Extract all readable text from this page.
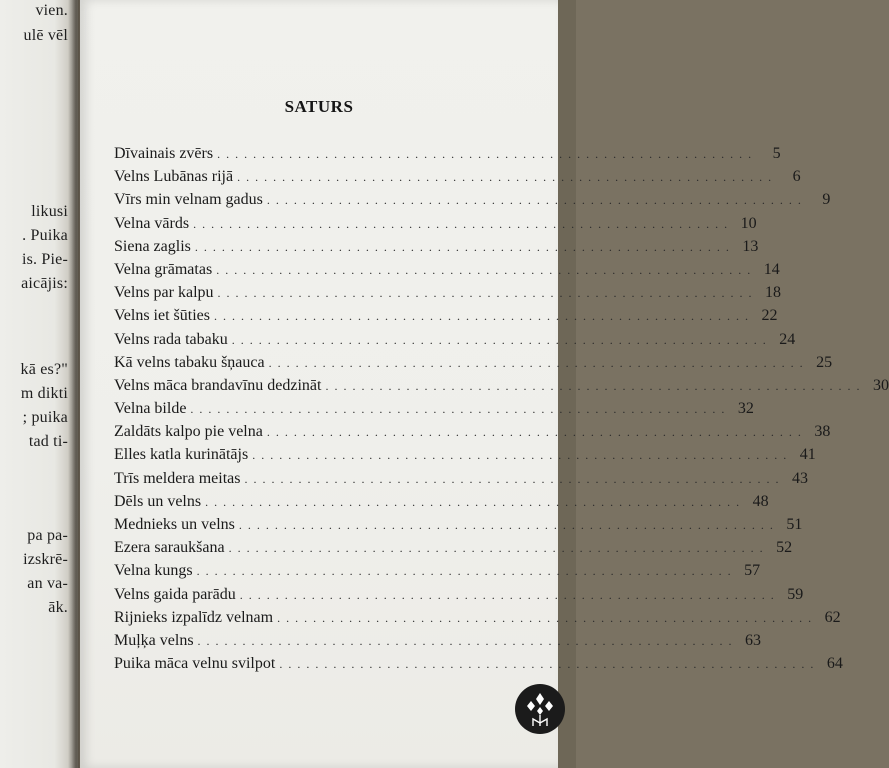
vien.
ulē vēl
likusi
. Puika
is. Pie-
aicājis:
kā es?"
m dikti
; puika
tad ti-
pa pa-
izskrē-
an va-
āk.
SATURS
Dīvainais zvērs . . . . . . . . . . . . . . . . . . . . . . . . . . . . . . . . . . . . . . . . . . . . . . . . . . . . . . . . . . . .	5
Velns Lubānas rijā . . . . . . . . . . . . . . . . . . . . . . . . . . . . . . . . . . . . . . . . . . . . . . . . . . . . . . . . . . . .	6
Vīrs min velnam gadus . . . . . . . . . . . . . . . . . . . . . . . . . . . . . . . . . . . . . . . . . . . . . . . . . . . . . . . . . . . .	9
Velna vārds . . . . . . . . . . . . . . . . . . . . . . . . . . . . . . . . . . . . . . . . . . . . . . . . . . . . . . . . . . . . 10
Siena zaglis . . . . . . . . . . . . . . . . . . . . . . . . . . . . . . . . . . . . . . . . . . . . . . . . . . . . . . . . . . . . 13
Velna grāmatas . . . . . . . . . . . . . . . . . . . . . . . . . . . . . . . . . . . . . . . . . . . . . . . . . . . . . . . . . . . . 14
Velns par kalpu . . . . . . . . . . . . . . . . . . . . . . . . . . . . . . . . . . . . . . . . . . . . . . . . . . . . . . . . . . . . 18
Velns iet šūties . . . . . . . . . . . . . . . . . . . . . . . . . . . . . . . . . . . . . . . . . . . . . . . . . . . . . . . . . . . . 22
Velns rada tabaku . . . . . . . . . . . . . . . . . . . . . . . . . . . . . . . . . . . . . . . . . . . . . . . . . . . . . . . . . . . . 24
Kā velns tabaku šņauca . . . . . . . . . . . . . . . . . . . . . . . . . . . . . . . . . . . . . . . . . . . . . . . . . . . . . . . . . . . . 25
Velns māca brandavīnu dedzināt . . . . . . . . . . . . . . . . . . . . . . . . . . . . . . . . . . . . . . . . . . . . . . . . . . . . . . . . . . . . 30
Velna bilde . . . . . . . . . . . . . . . . . . . . . . . . . . . . . . . . . . . . . . . . . . . . . . . . . . . . . . . . . . . . 32
Zaldāts kalpo pie velna . . . . . . . . . . . . . . . . . . . . . . . . . . . . . . . . . . . . . . . . . . . . . . . . . . . . . . . . . . . . 38
Elles katla kurinātājs . . . . . . . . . . . . . . . . . . . . . . . . . . . . . . . . . . . . . . . . . . . . . . . . . . . . . . . . . . . . 41
Trīs meldera meitas . . . . . . . . . . . . . . . . . . . . . . . . . . . . . . . . . . . . . . . . . . . . . . . . . . . . . . . . . . . . 43
Dēls un velns . . . . . . . . . . . . . . . . . . . . . . . . . . . . . . . . . . . . . . . . . . . . . . . . . . . . . . . . . . . . 48
Mednieks un velns . . . . . . . . . . . . . . . . . . . . . . . . . . . . . . . . . . . . . . . . . . . . . . . . . . . . . . . . . . . . 51
Ezera saraukšana . . . . . . . . . . . . . . . . . . . . . . . . . . . . . . . . . . . . . . . . . . . . . . . . . . . . . . . . . . . . 52
Velna kungs . . . . . . . . . . . . . . . . . . . . . . . . . . . . . . . . . . . . . . . . . . . . . . . . . . . . . . . . . . . . 57
Velns gaida parādu . . . . . . . . . . . . . . . . . . . . . . . . . . . . . . . . . . . . . . . . . . . . . . . . . . . . . . . . . . . . 59
Rijnieks izpalīdz velnam . . . . . . . . . . . . . . . . . . . . . . . . . . . . . . . . . . . . . . . . . . . . . . . . . . . . . . . . . . . . 62
Muļķa velns . . . . . . . . . . . . . . . . . . . . . . . . . . . . . . . . . . . . . . . . . . . . . . . . . . . . . . . . . . . . 63
Puika māca velnu svilpot . . . . . . . . . . . . . . . . . . . . . . . . . . . . . . . . . . . . . . . . . . . . . . . . . . . . . . . . . . . . 64
